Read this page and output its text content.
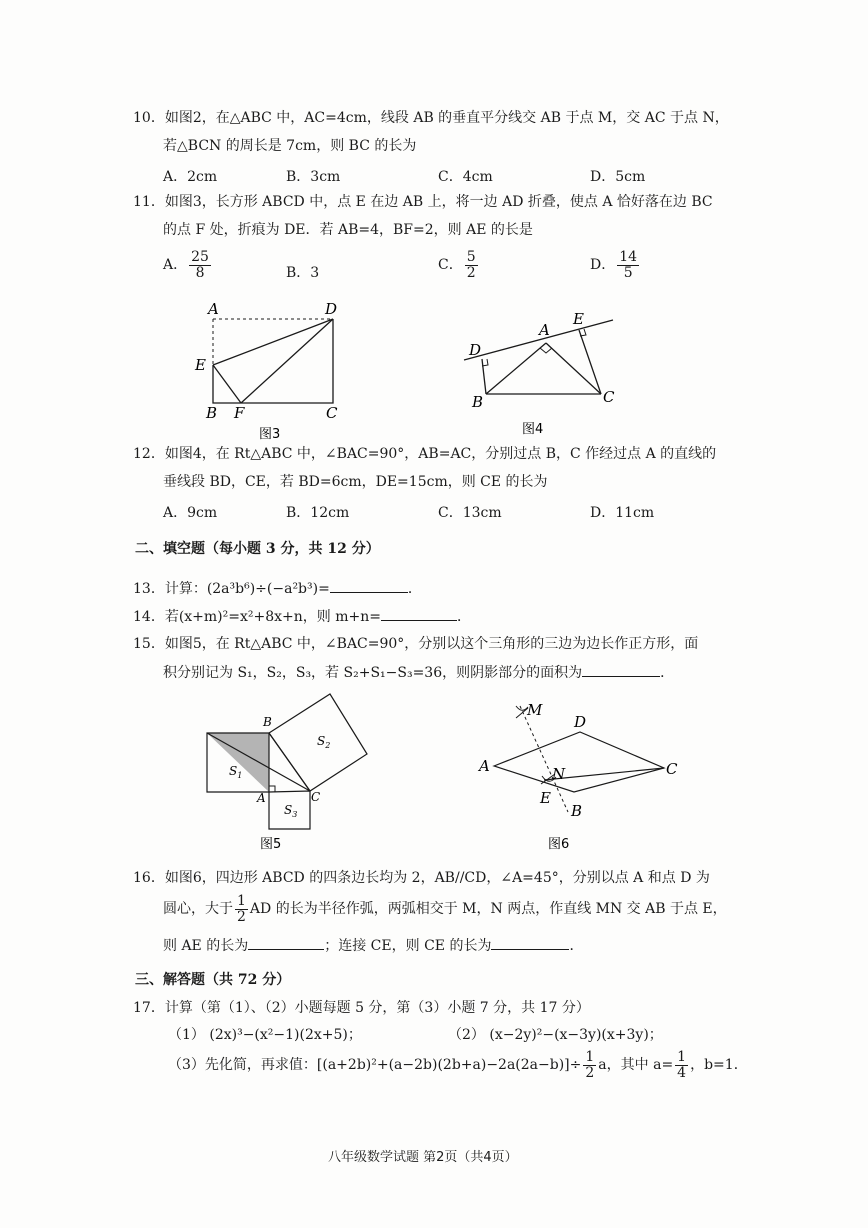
10．如图2，在△ABC 中，AC=4cm，线段 AB 的垂直平分线交 AB 于点 M，交 AC 于点 N，
若△BCN 的周长是 7cm，则 BC 的长为
A．2cm	B．3cm	C．4cm	D．5cm
11．如图3，长方形 ABCD 中，点 E 在边 AB 上，将一边 AD 折叠，使点 A 恰好落在边 BC
的点 F 处，折痕为 DE．若 AB=4，BF=2，则 AE 的长是
A． $\frac{25}{8}$	B．3	C． $\frac{5}{2}$	D． $\frac{14}{5}$
A	D
E
B F	C
图3
A
D
E
B	C
图4
12．如图4，在 Rt△ABC 中，∠BAC=90°，AB=AC，分别过点 B，C 作经过点 A 的直线的
垂线段 BD，CE，若 BD=6cm，DE=15cm，则 CE 的长为
A．9cm	B．12cm	C．13cm	D．11cm
二、填空题（每小题 3 分，共 12 分）
13．计算：(2a³b⁶)÷(−a²b³)=	．
14．若(x+m)²=x²+8x+n，则 m+n=	．
15．如图5，在 Rt△ABC 中，∠BAC=90°，分别以这个三角形的三边为边长作正方形，面
积分别记为 S₁，S₂，S₃，若 S₂+S₁−S₃=36，则阴影部分的面积为	．
B
A	C
$S_1$
$S_2$
$S_3$
图5
M
D
A	N	C
E
B
图6
16．如图6，四边形 ABCD 的四条边长均为 2，AB//CD，∠A=45°，分别以点 A 和点 D 为
圆心，大于 $\frac{1}{2}$ AD 的长为半径作弧，两弧相交于 M，N 两点，作直线 MN 交 AB 于点 E，
则 AE 的长为	；连接 CE，则 CE 的长为	．
三、解答题（共 72 分）
17．计算（第（1）、（2）小题每题 5 分，第（3）小题 7 分，共 17 分）
（1） (2x)³−(x²−1)(2x+5)；	（2） (x−2y)²−(x−3y)(x+3y)；
（3）先化简，再求值：$[(a+2b)^2+(a-2b)(2b+a)-2a(2a-b)]\div \frac{1}{2}$ a，其中 $a= \frac{1}{4}$ ，b=1．
八年级数学试题 第2页（共4页）
